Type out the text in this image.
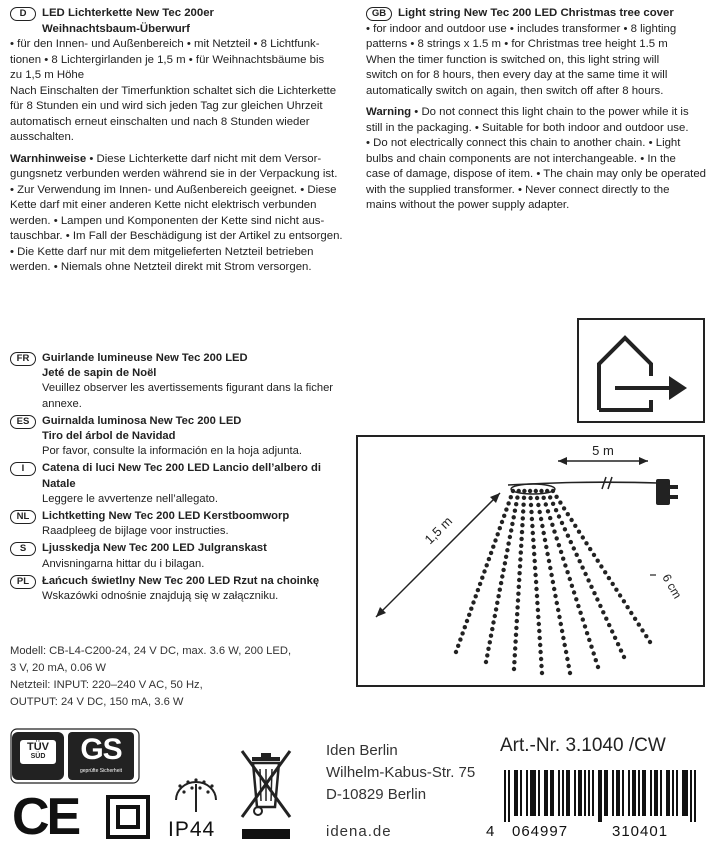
D	LED Lichterkette New Tec 200er
Weihnachtsbaum-Überwurf
• für den Innen- und Außenbereich • mit Netzteil • 8 Lichtfunk-
tionen • 8 Lichtergirlanden je 1,5 m • für Weihnachtsbäume bis
zu 1,5 m Höhe
Nach Einschalten der Timerfunktion schaltet sich die Lichterkette
für 8 Stunden ein und wird sich jeden Tag zur gleichen Uhrzeit
automatisch erneut einschalten und nach 8 Stunden wieder
ausschalten.
Warnhinweise • Diese Lichterkette darf nicht mit dem Versor-
gungsnetz verbunden werden während sie in der Verpackung ist.
• Zur Verwendung im Innen- und Außenbereich geeignet. • Diese
Kette darf mit einer anderen Kette nicht elektrisch verbunden
werden. • Lampen und Komponenten der Kette sind nicht aus-
tauschbar. • Im Fall der Beschädigung ist der Artikel zu entsorgen.
• Die Kette darf nur mit dem mitgelieferten Netzteil betrieben
werden. • Niemals ohne Netzteil direkt mit Strom versorgen.
GB	Light string New Tec 200 LED Christmas tree cover
• for indoor and outdoor use • includes transformer • 8 lighting
patterns • 8 strings x 1.5 m • for Christmas tree height 1.5 m
When the timer function is switched on, this light string will
switch on for 8 hours, then every day at the same time it will
automatically switch on again, then switch off after 8 hours.
Warning • Do not connect this light chain to the power while it is
still in the packaging. • Suitable for both indoor and outdoor use.
• Do not electrically connect this chain to another chain. • Light
bulbs and chain components are not interchangeable. • In the
case of damage, dispose of item. • The chain may only be operated
with the supplied transformer. • Never connect directly to the
mains without the power supply adapter.
FR	Guirlande lumineuse New Tec 200 LED
Jeté de sapin de Noël
Veuillez observer les avertissements figurant dans la ficher
annexe.
ES	Guirnalda luminosa New Tec 200 LED
Tiro del árbol de Navidad
Por favor, consulte la información en la hoja adjunta.
I	Catena di luci New Tec 200 LED Lancio dell’albero di Natale
Leggere le avvertenze nell’allegato.
NL	Lichtketting New Tec 200 LED Kerstboomworp
Raadpleeg de bijlage voor instructies.
S	Ljusskedja New Tec 200 LED Julgranskast
Anvisningarna hittar du i bilagan.
PL	Łańcuch świetlny New Tec 200 LED Rzut na choinkę
Wskazówki odnośnie znajdują się w załączniku.
Modell: CB-L4-C200-24, 24 V DC, max. 3.6 W, 200 LED,
3 V, 20 mA, 0.06 W
Netzteil: INPUT: 220–240 V AC, 50 Hz,
OUTPUT: 24 V DC, 150 mA, 3.6 W
5 m
1,5 m
6 cm
TÜV
SÜD	GS
geprüfte Sicherheit
CE	IP44
Iden Berlin
Wilhelm-Kabus-Str. 75
D-10829 Berlin
idena.de
Art.-Nr. 3.1040 /CW
4 064997	310401
